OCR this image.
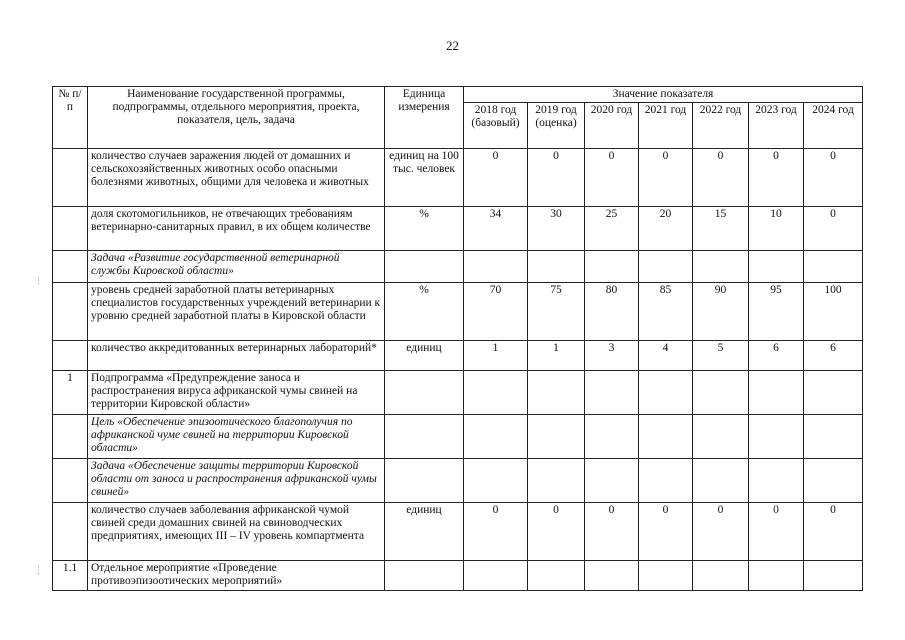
22
⋮
⋮
№ п/п	Наименование государственной программы, подпрограммы, отдельного мероприятия, проекта, показателя, цель, задача	Единица измерения	Значение показателя						
			2018 год (базовый)	2019 год (оценка)	2020 год	2021 год	2022 год	2023 год	2024 год
	количество случаев заражения людей от домашних и сельскохозяйственных животных особо опасными болезнями животных, общими для человека и животных	единиц на 100 тыс. человек	0	0	0	0	0	0	0
	доля скотомогильников, не отвечающих требованиям ветеринарно-санитарных правил, в их общем количестве	%	34	30	25	20	15	10	0
	Задача «Развитие государственной ветеринарной службы Кировской области»								
	уровень средней заработной платы ветеринарных специалистов государственных учреждений ветеринарии к уровню средней заработной платы в Кировской области	%	70	75	80	85	90	95	100
	количество аккредитованных ветеринарных лабораторий*	единиц	1	1	3	4	5	6	6
1	Подпрограмма «Предупреждение заноса и распространения вируса африканской чумы свиней на территории Кировской области»								
	Цель «Обеспечение эпизоотического благополучия по африканской чуме свиней на территории Кировской области»								
	Задача «Обеспечение защиты территории Кировской области от заноса и распространения африканской чумы свиней»								
	количество случаев заболевания африканской чумой свиней среди домашних свиней на свиноводческих предприятиях, имеющих III – IV уровень компартмента	единиц	0	0	0	0	0	0	0
1.1	Отдельное мероприятие «Проведение противоэпизоотических мероприятий»								
